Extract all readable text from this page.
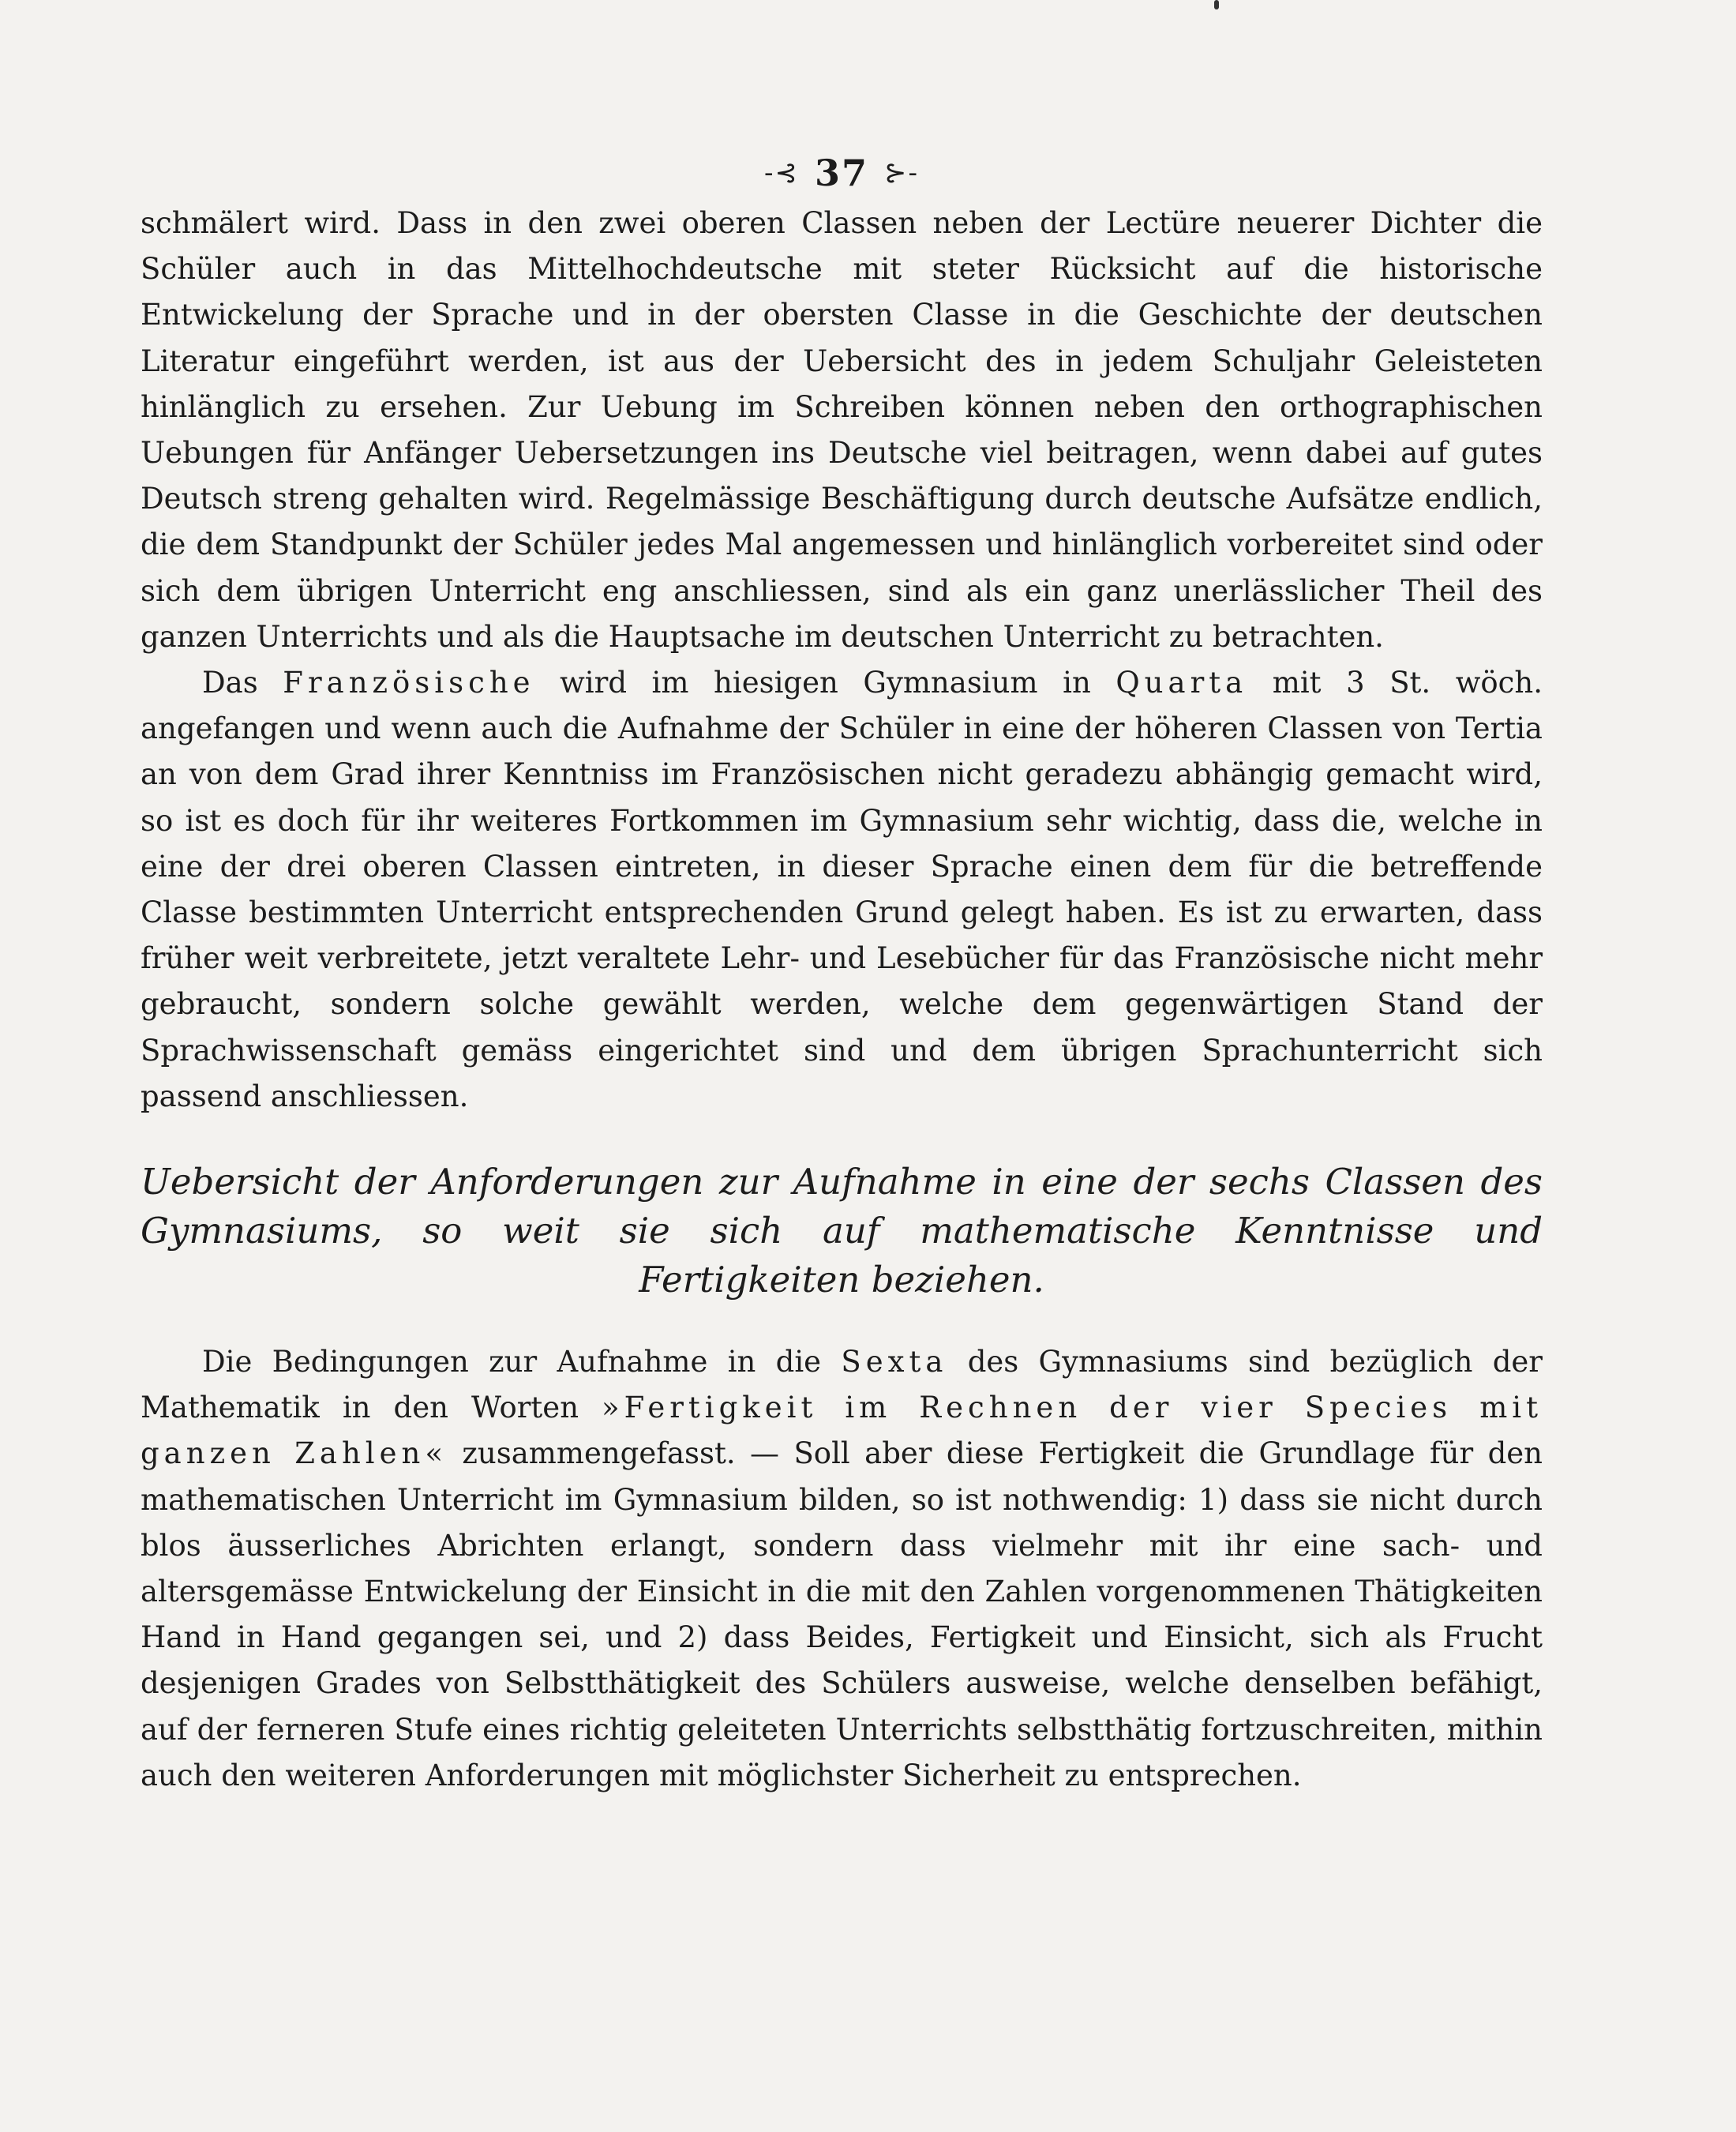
-⊰ 37 ⊱-

schmälert wird. Dass in den zwei oberen Classen neben der Lectüre neuerer Dichter die Schüler auch in das Mittelhochdeutsche mit steter Rücksicht auf die historische Entwickelung der Sprache und in der obersten Classe in die Geschichte der deutschen Literatur eingeführt werden, ist aus der Uebersicht des in jedem Schuljahr Geleisteten hinlänglich zu ersehen. Zur Uebung im Schreiben können neben den orthographischen Uebungen für Anfänger Uebersetzungen ins Deutsche viel beitragen, wenn dabei auf gutes Deutsch streng gehalten wird. Regelmässige Beschäftigung durch deutsche Aufsätze endlich, die dem Standpunkt der Schüler jedes Mal angemessen und hinlänglich vorbereitet sind oder sich dem übrigen Unterricht eng anschliessen, sind als ein ganz unerlässlicher Theil des ganzen Unterrichts und als die Hauptsache im deutschen Unterricht zu betrachten.

Das Französische wird im hiesigen Gymnasium in Quarta mit 3 St. wöch. angefangen und wenn auch die Aufnahme der Schüler in eine der höheren Classen von Tertia an von dem Grad ihrer Kenntniss im Französischen nicht geradezu abhängig gemacht wird, so ist es doch für ihr weiteres Fortkommen im Gymnasium sehr wichtig, dass die, welche in eine der drei oberen Classen eintreten, in dieser Sprache einen dem für die betreffende Classe bestimmten Unterricht entsprechenden Grund gelegt haben. Es ist zu erwarten, dass früher weit verbreitete, jetzt veraltete Lehr- und Lesebücher für das Französische nicht mehr gebraucht, sondern solche gewählt werden, welche dem gegenwärtigen Stand der Sprachwissenschaft gemäss eingerichtet sind und dem übrigen Sprachunterricht sich passend anschliessen.

Uebersicht der Anforderungen zur Aufnahme in eine der sechs Classen des Gymnasiums, so weit sie sich auf mathematische Kenntnisse und Fertigkeiten beziehen.

Die Bedingungen zur Aufnahme in die Sexta des Gymnasiums sind bezüglich der Mathematik in den Worten »Fertigkeit im Rechnen der vier Species mit ganzen Zahlen« zusammengefasst. — Soll aber diese Fertigkeit die Grundlage für den mathematischen Unterricht im Gymnasium bilden, so ist nothwendig: 1) dass sie nicht durch blos äusserliches Abrichten erlangt, sondern dass vielmehr mit ihr eine sach- und altersgemässe Entwickelung der Einsicht in die mit den Zahlen vorgenommenen Thätigkeiten Hand in Hand gegangen sei, und 2) dass Beides, Fertigkeit und Einsicht, sich als Frucht desjenigen Grades von Selbstthätigkeit des Schülers ausweise, welche denselben befähigt, auf der ferneren Stufe eines richtig geleiteten Unterrichts selbstthätig fortzuschreiten, mithin auch den weiteren Anforderungen mit möglichster Sicherheit zu entsprechen.
